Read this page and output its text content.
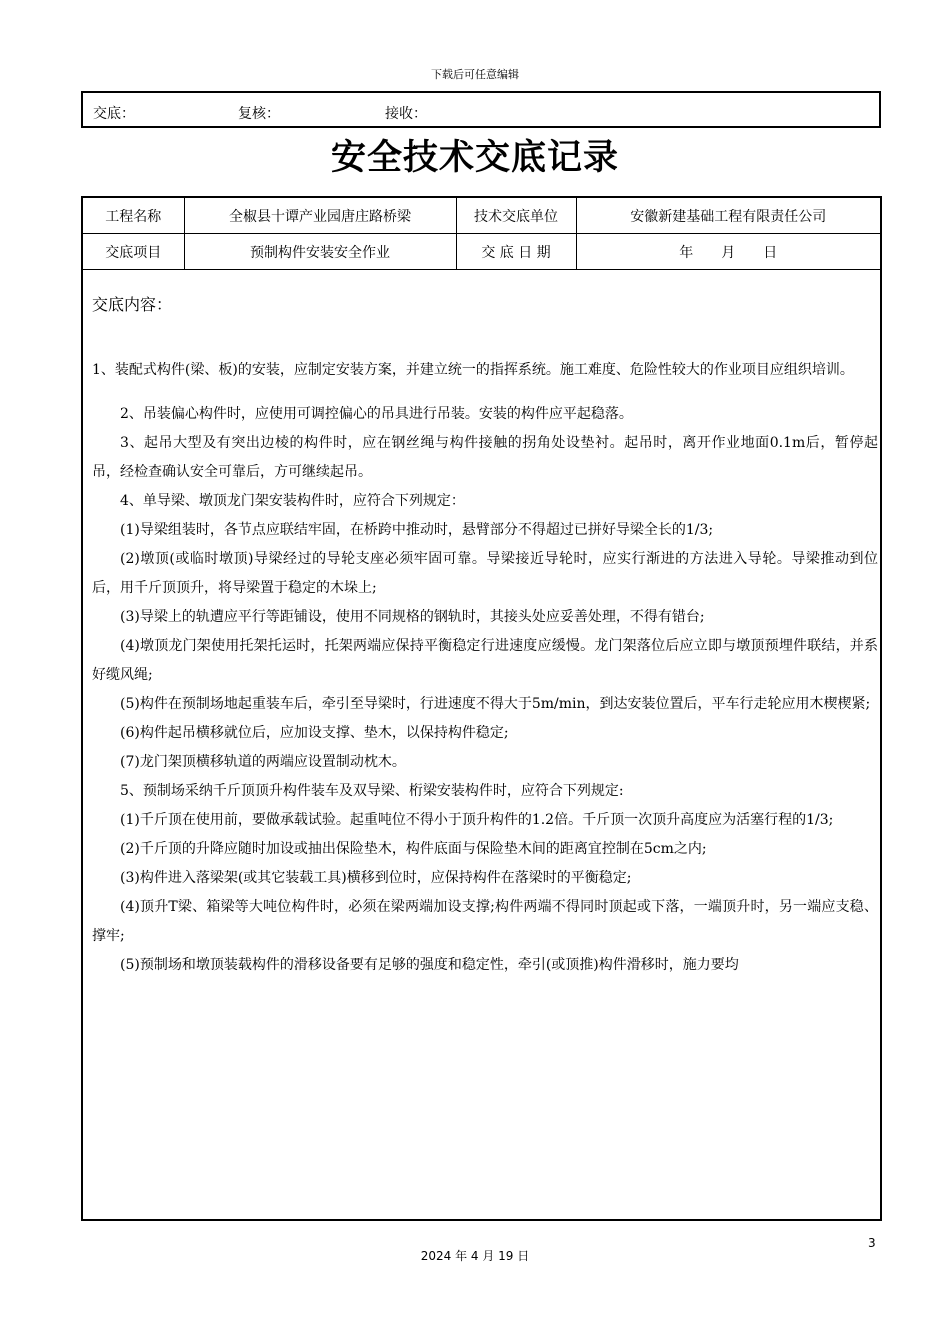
下载后可任意编辑
交底：	复核：	接收：
安全技术交底记录
工程名称	全椒县十谭产业园唐庄路桥梁	技术交底单位	安徽新建基础工程有限责任公司
交底项目	预制构件安装安全作业	交 底 日 期	年　　月　　日

交底内容：

1、装配式构件(梁、板)的安装，应制定安装方案，并建立统一的指挥系统。施工难度、危险性较大的作业项目应组织培训。

2、吊装偏心构件时，应使用可调控偏心的吊具进行吊装。安装的构件应平起稳落。

3、起吊大型及有突出边棱的构件时，应在钢丝绳与构件接触的拐角处设垫衬。起吊时，离开作业地面0.1m后，暂停起吊，经检查确认安全可靠后，方可继续起吊。

4、单导梁、墩顶龙门架安装构件时，应符合下列规定：

(1)导梁组装时，各节点应联结牢固，在桥跨中推动时，悬臂部分不得超过已拼好导梁全长的1/3;

(2)墩顶(或临时墩顶)导梁经过的导轮支座必须牢固可靠。导梁接近导轮时，应实行渐进的方法进入导轮。导梁推动到位后，用千斤顶顶升，将导梁置于稳定的木垛上;

(3)导梁上的轨遭应平行等距铺设，使用不同规格的钢轨时，其接头处应妥善处理，不得有错台;

(4)墩顶龙门架使用托架托运时，托架两端应保持平衡稳定行进速度应缓慢。龙门架落位后应立即与墩顶预埋件联结，并系好缆风绳;

(5)构件在预制场地起重装车后，牵引至导梁时，行进速度不得大于5m/min，到达安装位置后，平车行走轮应用木楔楔紧;

(6)构件起吊横移就位后，应加设支撑、垫木，以保持构件稳定;

(7)龙门架顶横移轨道的两端应设置制动枕木。

5、预制场采纳千斤顶顶升构件装车及双导梁、桁梁安装构件时，应符合下列规定:

(1)千斤顶在使用前，要做承载试验。起重吨位不得小于顶升构件的1.2倍。千斤顶一次顶升高度应为活塞行程的1/3;

(2)千斤顶的升降应随时加设或抽出保险垫木，构件底面与保险垫木间的距离宜控制在5cm之内;

(3)构件进入落梁架(或其它装载工具)横移到位时，应保持构件在落梁时的平衡稳定;

(4)顶升T梁、箱梁等大吨位构件时，必须在梁两端加设支撑;构件两端不得同时顶起或下落，一端顶升时，另一端应支稳、撑牢;

(5)预制场和墩顶装载构件的滑移设备要有足够的强度和稳定性，牵引(或顶推)构件滑移时，施力要均

3
2024 年 4 月 19 日
